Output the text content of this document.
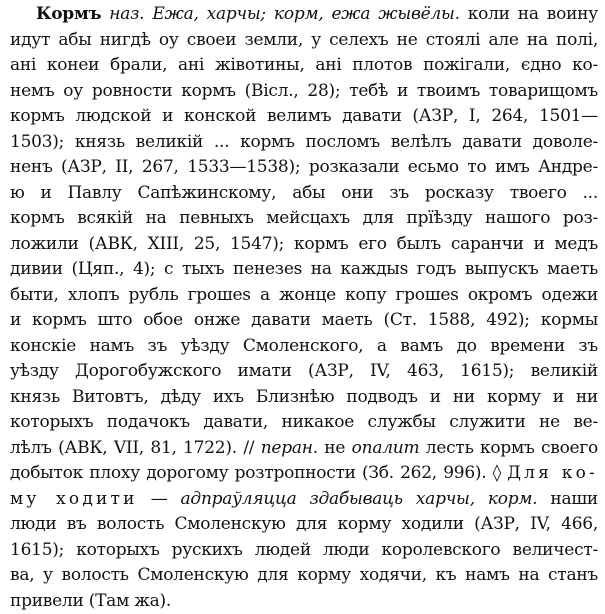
Кормъ наз. Ежа, харчы; корм, ежа жывёлы. коли на воину
идут абы нигдѣ оу своеи земли, у селехъ не стоялі але на полі,
ані конеи брали, ані жівотины, ані плотов пожігали, єдно ко-
немъ оу ровности кормъ (Вісл., 28); тебѣ и твоимъ товарищомъ
кормъ людской и конской велимъ давати (АЗР, І, 264, 1501—
1503); князь великій ... кормъ посломъ велѣлъ давати доволе-
ненъ (АЗР, ІІ, 267, 1533—1538); розказали есьмо то имъ Андре-
ю и Павлу Сапѣжинскому, абы они зъ росказу твоего ...
кормъ всякій на певныхъ мейсцахъ для прїѣзду нашого роз-
ложили (АВК, ХІІІ, 25, 1547); кормъ его былъ саранчи и медъ
дивии (Цяп., 4); с тыхъ пенезеs на каждыs годъ выпускъ маеть
быти, хлопъ рубль грошеs а жонце копу грошеs окромъ одежи
и кормъ што обое онже давати маеть (Ст. 1588, 492); кормы
конскіе намъ зъ уѣзду Смоленского, а вамъ до времени зъ
уѣзду Дорогобужского имати (АЗР, IV, 463, 1615); великій
князь Витовтъ, дѣду ихъ Близнѣю подводъ и ни корму и ни
которыхъ подачокъ давати, никакое службы служити не ве-
лѣлъ (АВК, VII, 81, 1722). // перан. не опалит лесть кормъ своего
добыток плоху дорогому розтропности (Зб. 262, 996). ◊ Для ко-
му ходити — адпраўляцца здабываць харчы, корм. наши
люди въ волость Смоленскую для корму ходили (АЗР, IV, 466,
1615); которыхъ рускихъ людей люди королевского величест-
ва, у волость Смоленскую для корму ходячи, къ намъ на станъ
привели (Там жа).
